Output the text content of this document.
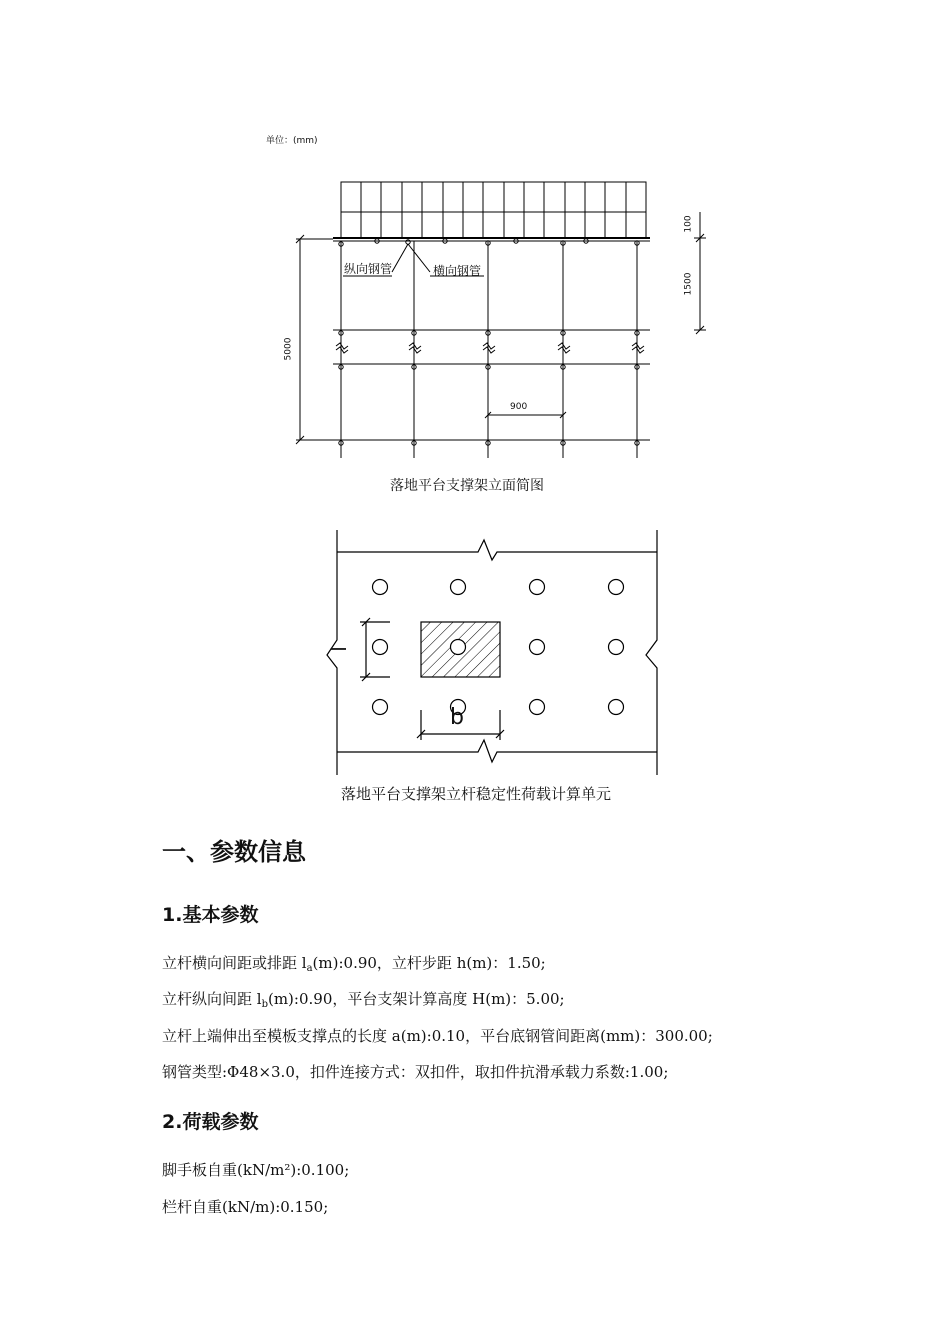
单位：(mm)
纵向钢管	横向钢管
100
1500
5000
900
落地平台支撑架立面简图
l
b
落地平台支撑架立杆稳定性荷载计算单元
一、参数信息
1.基本参数
立杆横向间距或排距 $l_a(m):0.90$，立杆步距 h(m)：1.50;
立杆纵向间距 $l_b(m):0.90$，平台支架计算高度 H(m)：5.00;
立杆上端伸出至模板支撑点的长度 a(m):0.10，平台底钢管间距离(mm)：300.00;
钢管类型:Φ48×3.0，扣件连接方式：双扣件，取扣件抗滑承载力系数:1.00;
2.荷载参数
脚手板自重(kN/m²):0.100;
栏杆自重(kN/m):0.150;
